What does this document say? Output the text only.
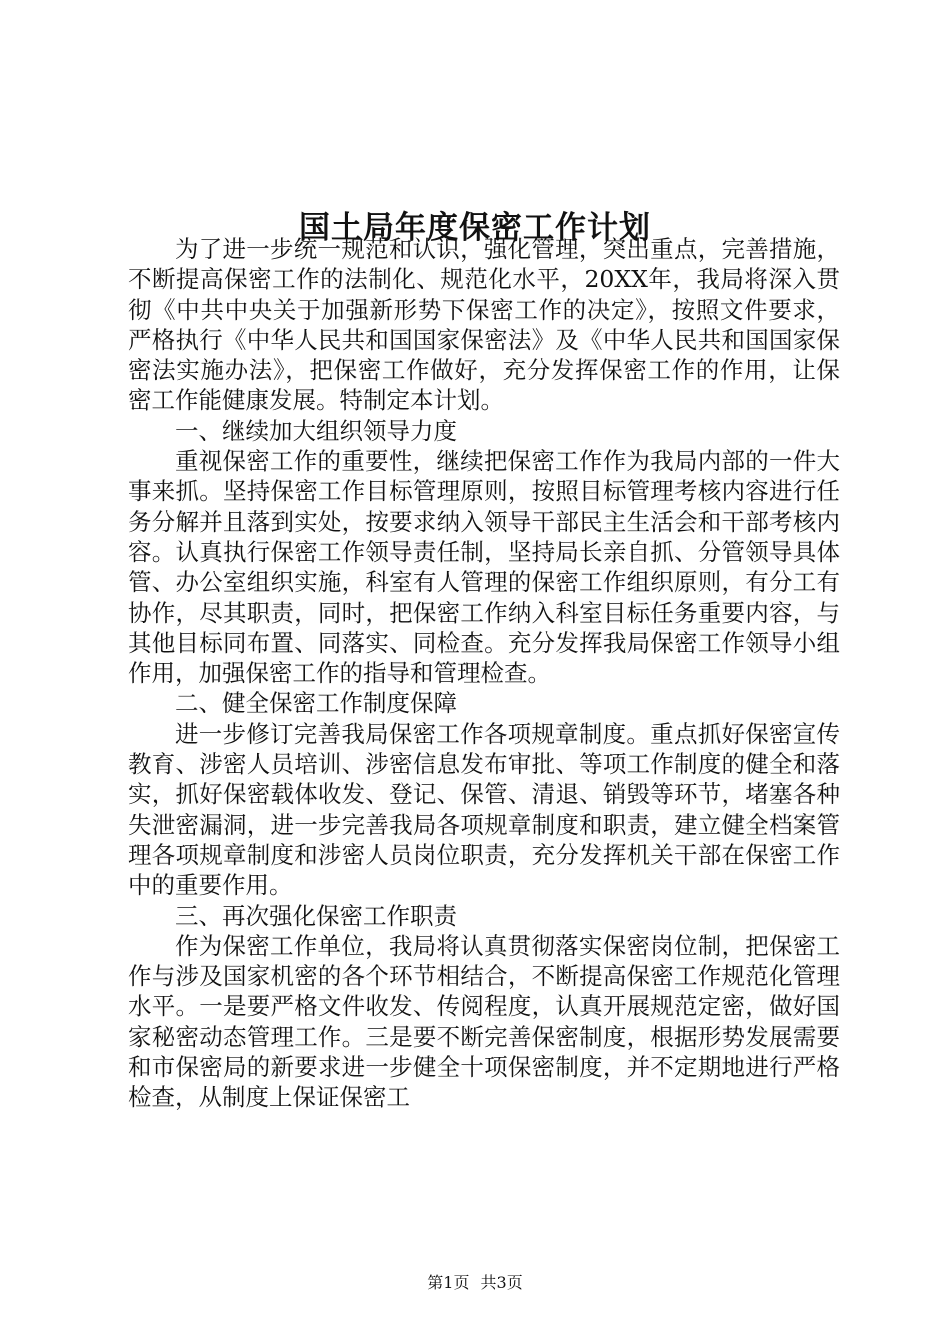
国土局年度保密工作计划

为了进一步统一规范和认识，强化管理，突出重点，完善措施，不断提高保密工作的法制化、规范化水平，20XX年，我局将深入贯彻《中共中央关于加强新形势下保密工作的决定》，按照文件要求，严格执行《中华人民共和国国家保密法》及《中华人民共和国国家保密法实施办法》，把保密工作做好，充分发挥保密工作的作用，让保密工作能健康发展。特制定本计划。

一、继续加大组织领导力度

重视保密工作的重要性，继续把保密工作作为我局内部的一件大事来抓。坚持保密工作目标管理原则，按照目标管理考核内容进行任务分解并且落到实处，按要求纳入领导干部民主生活会和干部考核内容。认真执行保密工作领导责任制，坚持局长亲自抓、分管领导具体管、办公室组织实施，科室有人管理的保密工作组织原则，有分工有协作，尽其职责，同时，把保密工作纳入科室目标任务重要内容，与其他目标同布置、同落实、同检查。充分发挥我局保密工作领导小组作用，加强保密工作的指导和管理检查。

二、健全保密工作制度保障

进一步修订完善我局保密工作各项规章制度。重点抓好保密宣传教育、涉密人员培训、涉密信息发布审批、等项工作制度的健全和落实，抓好保密载体收发、登记、保管、清退、销毁等环节，堵塞各种失泄密漏洞，进一步完善我局各项规章制度和职责，建立健全档案管理各项规章制度和涉密人员岗位职责，充分发挥机关干部在保密工作中的重要作用。

三、再次强化保密工作职责

作为保密工作单位，我局将认真贯彻落实保密岗位制，把保密工作与涉及国家机密的各个环节相结合，不断提高保密工作规范化管理水平。一是要严格文件收发、传阅程度，认真开展规范定密，做好国家秘密动态管理工作。三是要不断完善保密制度，根据形势发展需要和市保密局的新要求进一步健全十项保密制度，并不定期地进行严格检查，从制度上保证保密工

第1页 共3页
